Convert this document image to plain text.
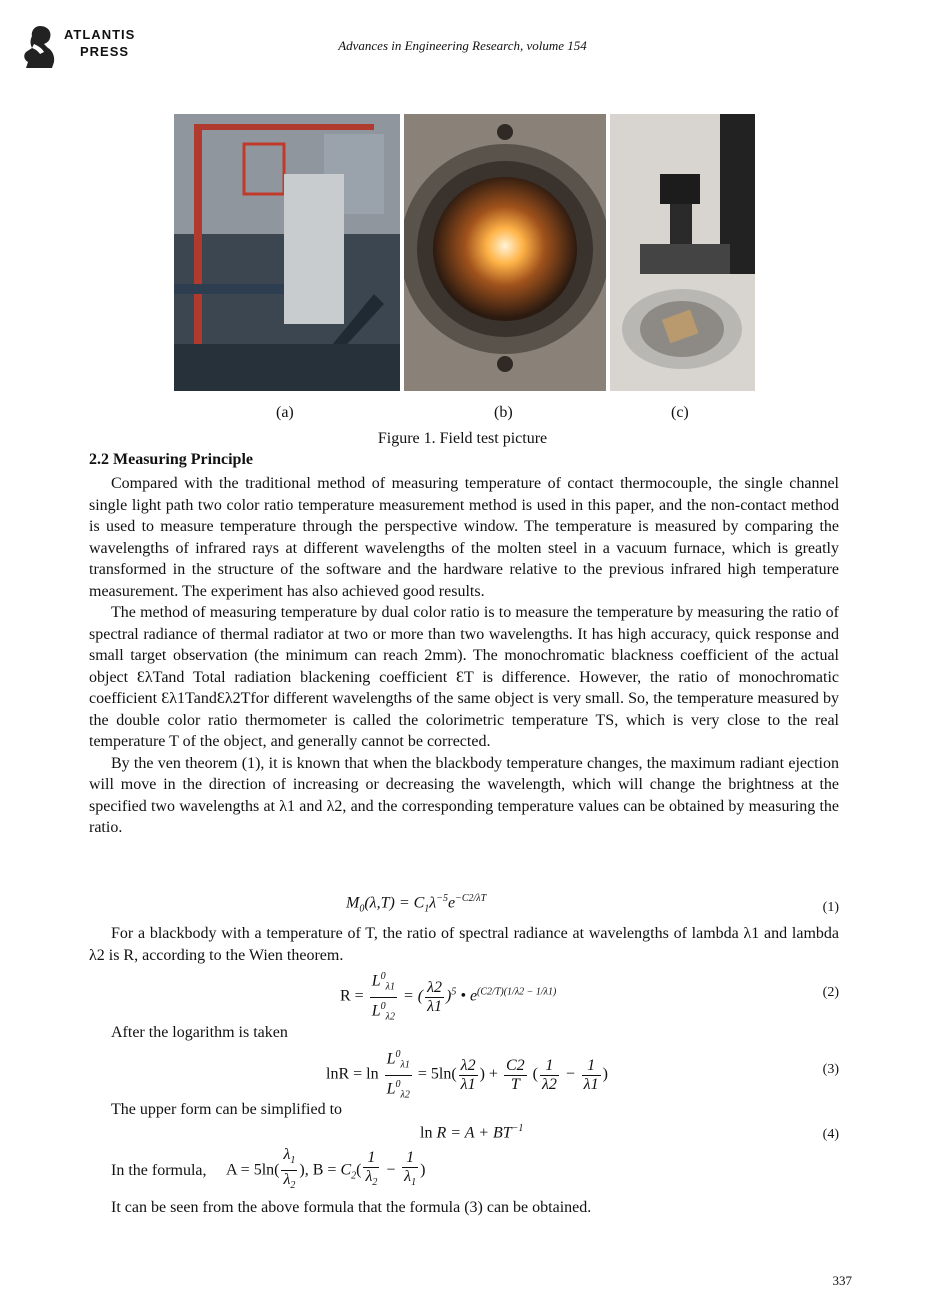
ATLANTIS
PRESS	Advances in Engineering Research, volume 154
(a)	(b)	(c)
Figure 1. Field test picture
2.2 Measuring Principle

Compared with the traditional method of measuring temperature of contact thermocouple, the single channel single light path two color ratio temperature measurement method is used in this paper, and the non-contact method is used to measure temperature through the perspective window. The temperature is measured by comparing the wavelengths of infrared rays at different wavelengths of the molten steel in a vacuum furnace, which is greatly transformed in the structure of the software and the hardware relative to the previous infrared high temperature measurement. The experiment has also achieved good results.

The method of measuring temperature by dual color ratio is to measure the temperature by measuring the ratio of spectral radiance of thermal radiator at two or more than two wavelengths. It has high accuracy, quick response and small target observation (the minimum can reach 2mm). The monochromatic blackness coefficient of the actual object ƐλTand Total radiation blackening coefficient ƐT is difference. However, the ratio of monochromatic coefficient Ɛλ1TandƐλ2Tfor different wavelengths of the same object is very small. So, the temperature measured by the double color ratio thermometer is called the colorimetric temperature TS, which is very close to the real temperature T of the object, and generally cannot be corrected.

By the ven theorem (1), it is known that when the blackbody temperature changes, the maximum radiant ejection will move in the direction of increasing or decreasing the wavelength, which will change the brightness at the specified two wavelengths at λ1 and λ2, and the corresponding temperature values can be obtained by measuring the ratio.

$M_0(\lambda,T) = C_1\lambda^{-5}e^{-C2/\lambda T}$
(1)
For a blackbody with a temperature of T, the ratio of spectral radiance at wavelengths of lambda λ1 and lambda λ2 is R, according to the Wien theorem.
$R = \frac{L^0_{\lambda 1}}{L^0_{\lambda 2}}$ = ( $\frac{\lambda 2}{\lambda 1} )^5$ • $e^{(C2/T)(1/\lambda 2 - 1/\lambda 1)}$	(2)
After the logarithm is taken
$\ln R = \ln \frac{L^0_{\lambda 1}}{L^0_{\lambda 2}} = 5\ln( \frac{\lambda 2}{\lambda 1}$ ) + $\frac{C2}{T}$ ( $\frac{1}{\lambda 2} - \frac{1}{\lambda 1}$ )	(3)
The upper form can be simplified to
$\ln R = A + BT^{-1}$	(4)
In the formula,	$A = 5\ln( \frac{\lambda_1}{\lambda_2}$ ), $B = C_2( \frac{1}{\lambda_2} - \frac{1}{\lambda_1}$ )
It can be seen from the above formula that the formula (3) can be obtained.
337
